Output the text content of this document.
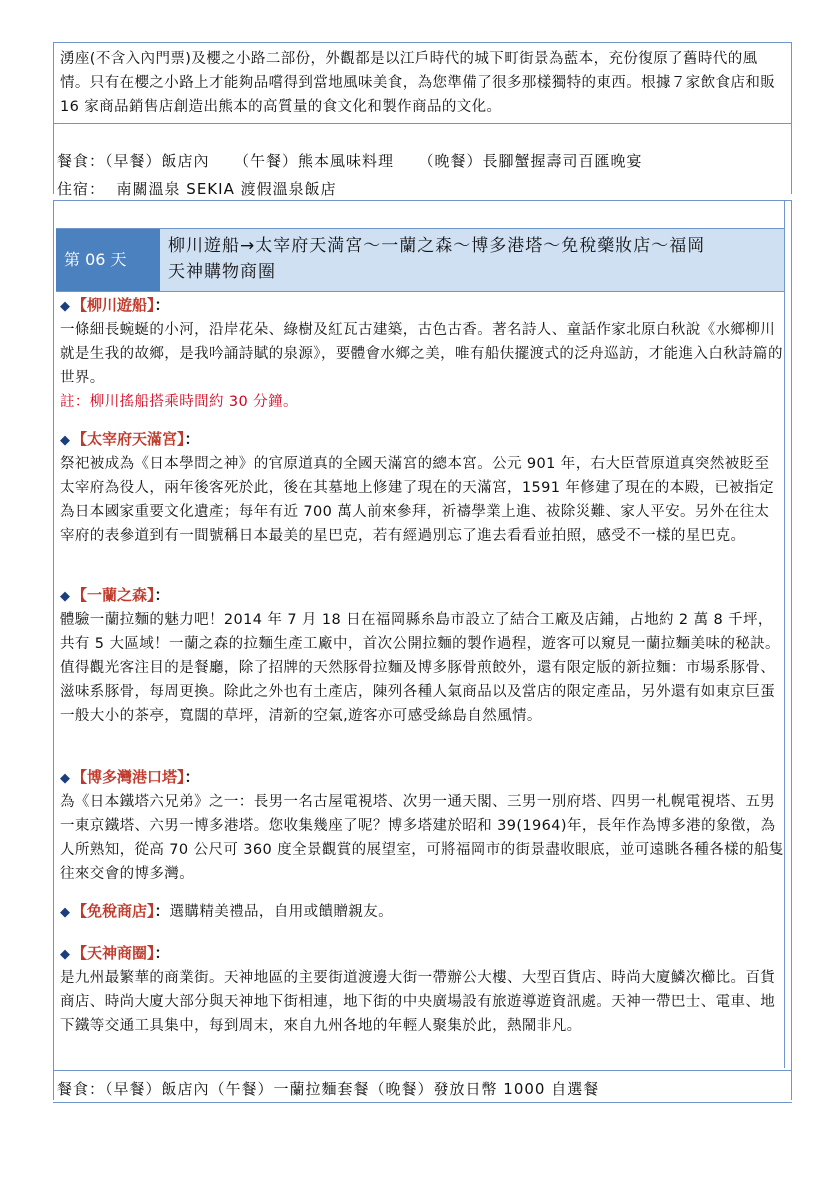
湧座(不含入內門票)及櫻之小路二部份，外觀都是以江戶時代的城下町街景為藍本，充份復原了舊時代的風情。只有在櫻之小路上才能夠品嚐得到當地風味美食，為您準備了很多那樣獨特的東西。根據７家飲食店和販 16 家商品銷售店創造出熊本的高質量的食文化和製作商品的文化。

餐食：（早餐）飯店內　　（午餐）熊本風味料理　　（晚餐）長腳蟹握壽司百匯晚宴
住宿：  南關溫泉 SEKIA 渡假溫泉飯店
第 06 天
柳川遊船→太宰府天満宮～一蘭之森～博多港塔～免稅藥妝店～福岡
天神購物商圈
◆ 【柳川遊船】：

一條細長蜿蜒的小河，沿岸花朵、綠樹及紅瓦古建築，古色古香。著名詩人、童話作家北原白秋說《水鄉柳川就是生我的故鄉，是我吟誦詩賦的泉源》，要體會水鄉之美，唯有船伕擺渡式的泛舟巡訪，才能進入白秋詩篇的世界。

註：柳川搖船搭乘時間約 30 分鐘。
◆ 【太宰府天滿宮】：

祭祀被成為《日本學問之神》的官原道真的全國天滿宮的總本宮。公元 901 年，右大臣菅原道真突然被貶至太宰府為役人，兩年後客死於此，後在其墓地上修建了現在的天滿宮，1591 年修建了現在的本殿，已被指定為日本國家重要文化遺產；每年有近 700 萬人前來參拜，祈禱學業上進、祓除災難、家人平安。另外在往太宰府的表參道到有一間號稱日本最美的星巴克，若有經過別忘了進去看看並拍照，感受不一樣的星巴克。

◆ 【一蘭之森】：

體驗一蘭拉麵的魅力吧！2014 年 7 月 18 日在福岡縣糸島市設立了結合工廠及店鋪，占地約 2 萬 8 千坪，共有 5 大區域！一蘭之森的拉麵生產工廠中，首次公開拉麵的製作過程，遊客可以窺見一蘭拉麵美味的秘訣。值得觀光客注目的是餐廳，除了招牌的天然豚骨拉麵及博多豚骨煎餃外，還有限定版的新拉麵：市場系豚骨、滋味系豚骨，每周更換。除此之外也有土產店，陳列各種人氣商品以及當店的限定產品，另外還有如東京巨蛋一般大小的茶亭，寬闊的草坪，清新的空氣,遊客亦可感受絲島自然風情。

◆ 【博多灣港口塔】：

為《日本鐵塔六兄弟》之一：長男一名古屋電視塔、次男一通天閣、三男一別府塔、四男一札幌電視塔、五男一東京鐵塔、六男一博多港塔。您收集幾座了呢？博多塔建於昭和 39(1964)年，長年作為博多港的象徵，為人所熟知，從高 70 公尺可 360 度全景觀賞的展望室，可將福岡市的街景盡收眼底，並可遠眺各種各樣的船隻往來交會的博多灣。

◆ 【免稅商店】：選購精美禮品，自用或饋贈親友。
◆ 【天神商圈】：

是九州最繁華的商業街。天神地區的主要街道渡邊大街一帶辦公大樓、大型百貨店、時尚大廈鱗次櫛比。百貨商店、時尚大廈大部分與天神地下街相連，地下街的中央廣場設有旅遊導遊資訊處。天神一帶巴士、電車、地下鐵等交通工具集中，每到周末，來自九州各地的年輕人聚集於此，熱鬧非凡。

餐食：（早餐）飯店內（午餐）一蘭拉麵套餐（晚餐）發放日幣 1000 自選餐
